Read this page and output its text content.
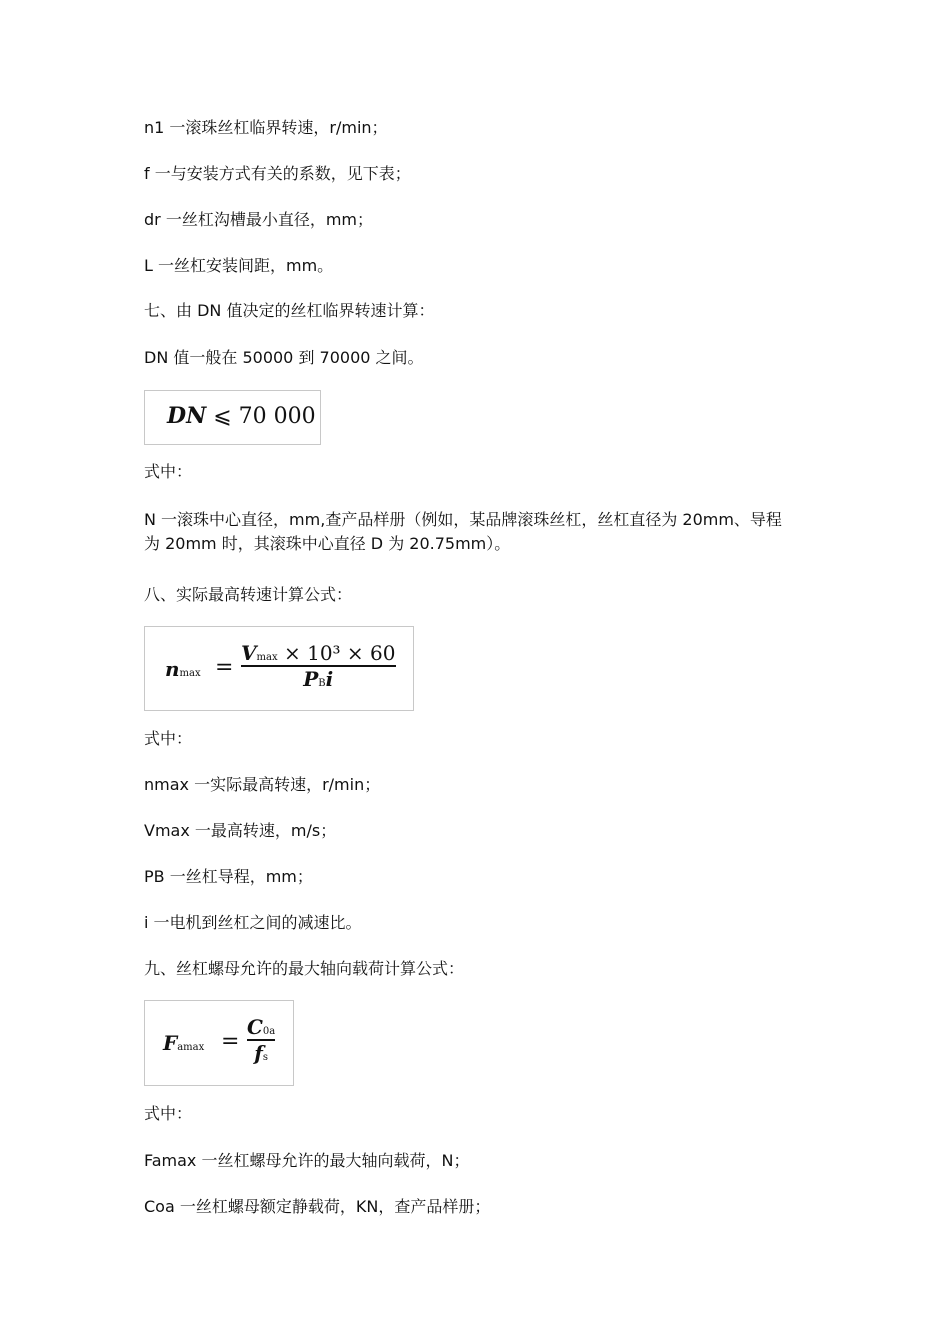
n1 一滚珠丝杠临界转速，r/min；

f 一与安装方式有关的系数，见下表；

dr 一丝杠沟槽最小直径，mm；

L 一丝杠安装间距，mm。

七、由 DN 值决定的丝杠临界转速计算：

DN 值一般在 50000 到 70000 之间。

DN ⩽ 70 000

式中：

N 一滚珠中心直径，mm,查产品样册（例如，某品牌滚珠丝杠，丝杠直径为 20mm、导程为 20mm 时，其滚珠中心直径 D 为 20.75mm）。

八、实际最高转速计算公式：

nmax =
Vmax × 10³ × 60
PBi

式中：

nmax 一实际最高转速，r/min；

Vmax 一最高转速，m/s；

PB 一丝杠导程，mm；

i 一电机到丝杠之间的减速比。

九、丝杠螺母允许的最大轴向载荷计算公式：

Famax =
C0a
fs

式中：

Famax 一丝杠螺母允许的最大轴向载荷，N；

Coa 一丝杠螺母额定静载荷，KN，查产品样册；
